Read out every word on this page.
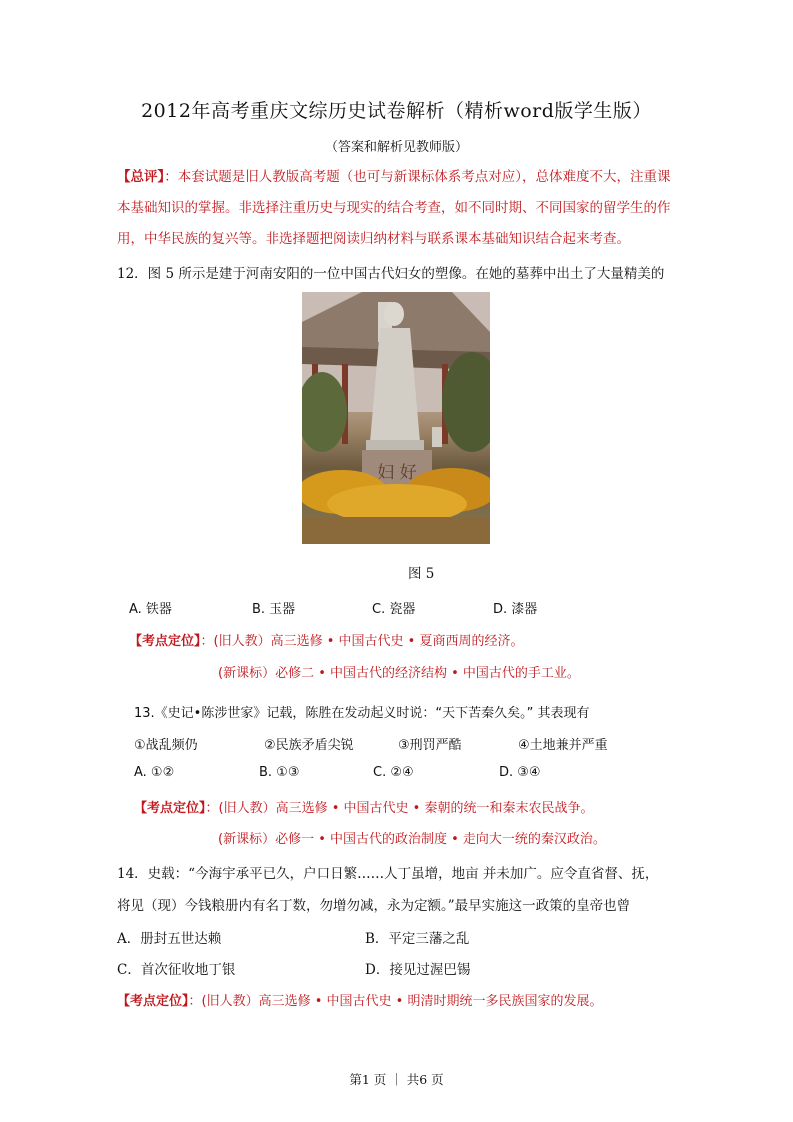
2012年高考重庆文综历史试卷解析（精析word版学生版）
（答案和解析见教师版）
【总评】：本套试题是旧人教版高考题（也可与新课标体系考点对应），总体难度不大，注重课本基础知识的掌握。非选择注重历史与现实的结合考查，如不同时期、不同国家的留学生的作用，中华民族的复兴等。非选择题把阅读归纳材料与联系课本基础知识结合起来考查。
12．图 5 所示是建于河南安阳的一位中国古代妇女的塑像。在她的墓葬中出土了大量精美的
妇 好
图 5
A. 铁器	B. 玉器	C. 瓷器	D. 漆器
【考点定位】：(旧人教）高三选修 • 中国古代史 • 夏商西周的经济。
(新课标）必修二 • 中国古代的经济结构 • 中国古代的手工业。
13.《史记•陈涉世家》记载，陈胜在发动起义时说：“天下苦秦久矣。” 其表现有
①战乱频仍	②民族矛盾尖锐	③刑罚严酷	④土地兼并严重
A. ①②	B. ①③	C. ②④	D. ③④
【考点定位】：(旧人教）高三选修 • 中国古代史 • 秦朝的统一和秦末农民战争。
(新课标）必修一 • 中国古代的政治制度 • 走向大一统的秦汉政治。
14．史载：“今海宇承平已久，户口日繁……人丁虽增，地亩 并未加广。应令直省督、抚，
将见（现）今钱粮册内有名丁数，勿增勿减，永为定额。”最早实施这一政策的皇帝也曾
A．册封五世达赖	B．平定三藩之乱
C．首次征收地丁银	D．接见过渥巴锡
【考点定位】：(旧人教）高三选修 • 中国古代史 • 明清时期统一多民族国家的发展。
第1 页 ｜ 共6 页
